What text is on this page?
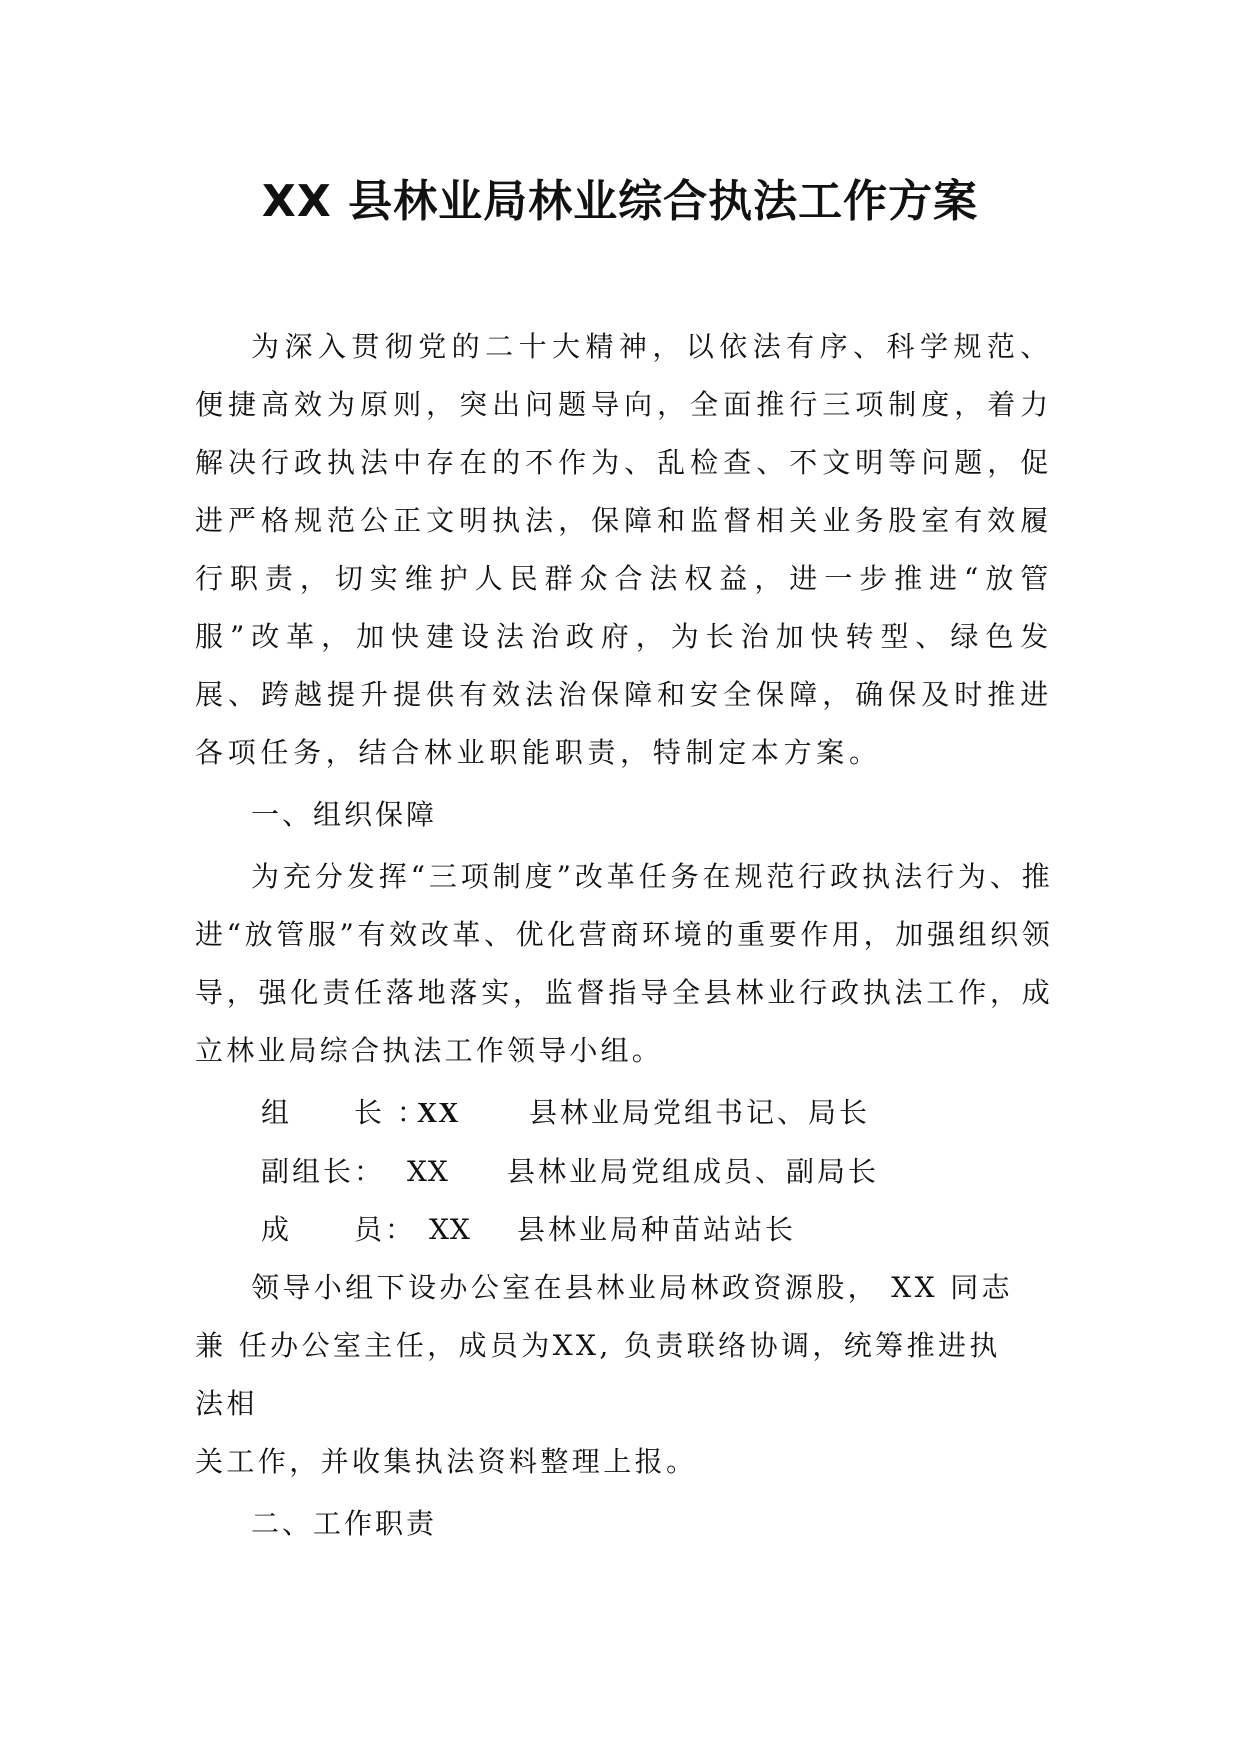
XX 县林业局林业综合执法工作方案

为深入贯彻党的二十大精神，以依法有序、科学规范、便捷高效为原则，突出问题导向，全面推行三项制度，着力解决行政执法中存在的不作为、乱检查、不文明等问题，促进严格规范公正文明执法，保障和监督相关业务股室有效履行职责，切实维护人民群众合法权益，进一步推进“放管服”改革，加快建设法治政府，为长治加快转型、绿色发展、跨越提升提供有效法治保障和安全保障，确保及时推进各项任务，结合林业职能职责，特制定本方案。

一、组织保障

为充分发挥“三项制度”改革任务在规范行政执法行为、推进“放管服”有效改革、优化营商环境的重要作用，加强组织领导，强化责任落地落实，监督指导全县林业行政执法工作，成立林业局综合执法工作领导小组。

组　　长 ：XX 县林业局党组书记、局长

副组长： XX 县林业局党组成员、副局长

成　　员： XX 县林业局种苗站站长

领导小组下设办公室在县林业局林政资源股， XX 同志

兼 任办公室主任，成员为XX, 负责联络协调，统筹推进执

法相

关工作，并收集执法资料整理上报。

二、工作职责
